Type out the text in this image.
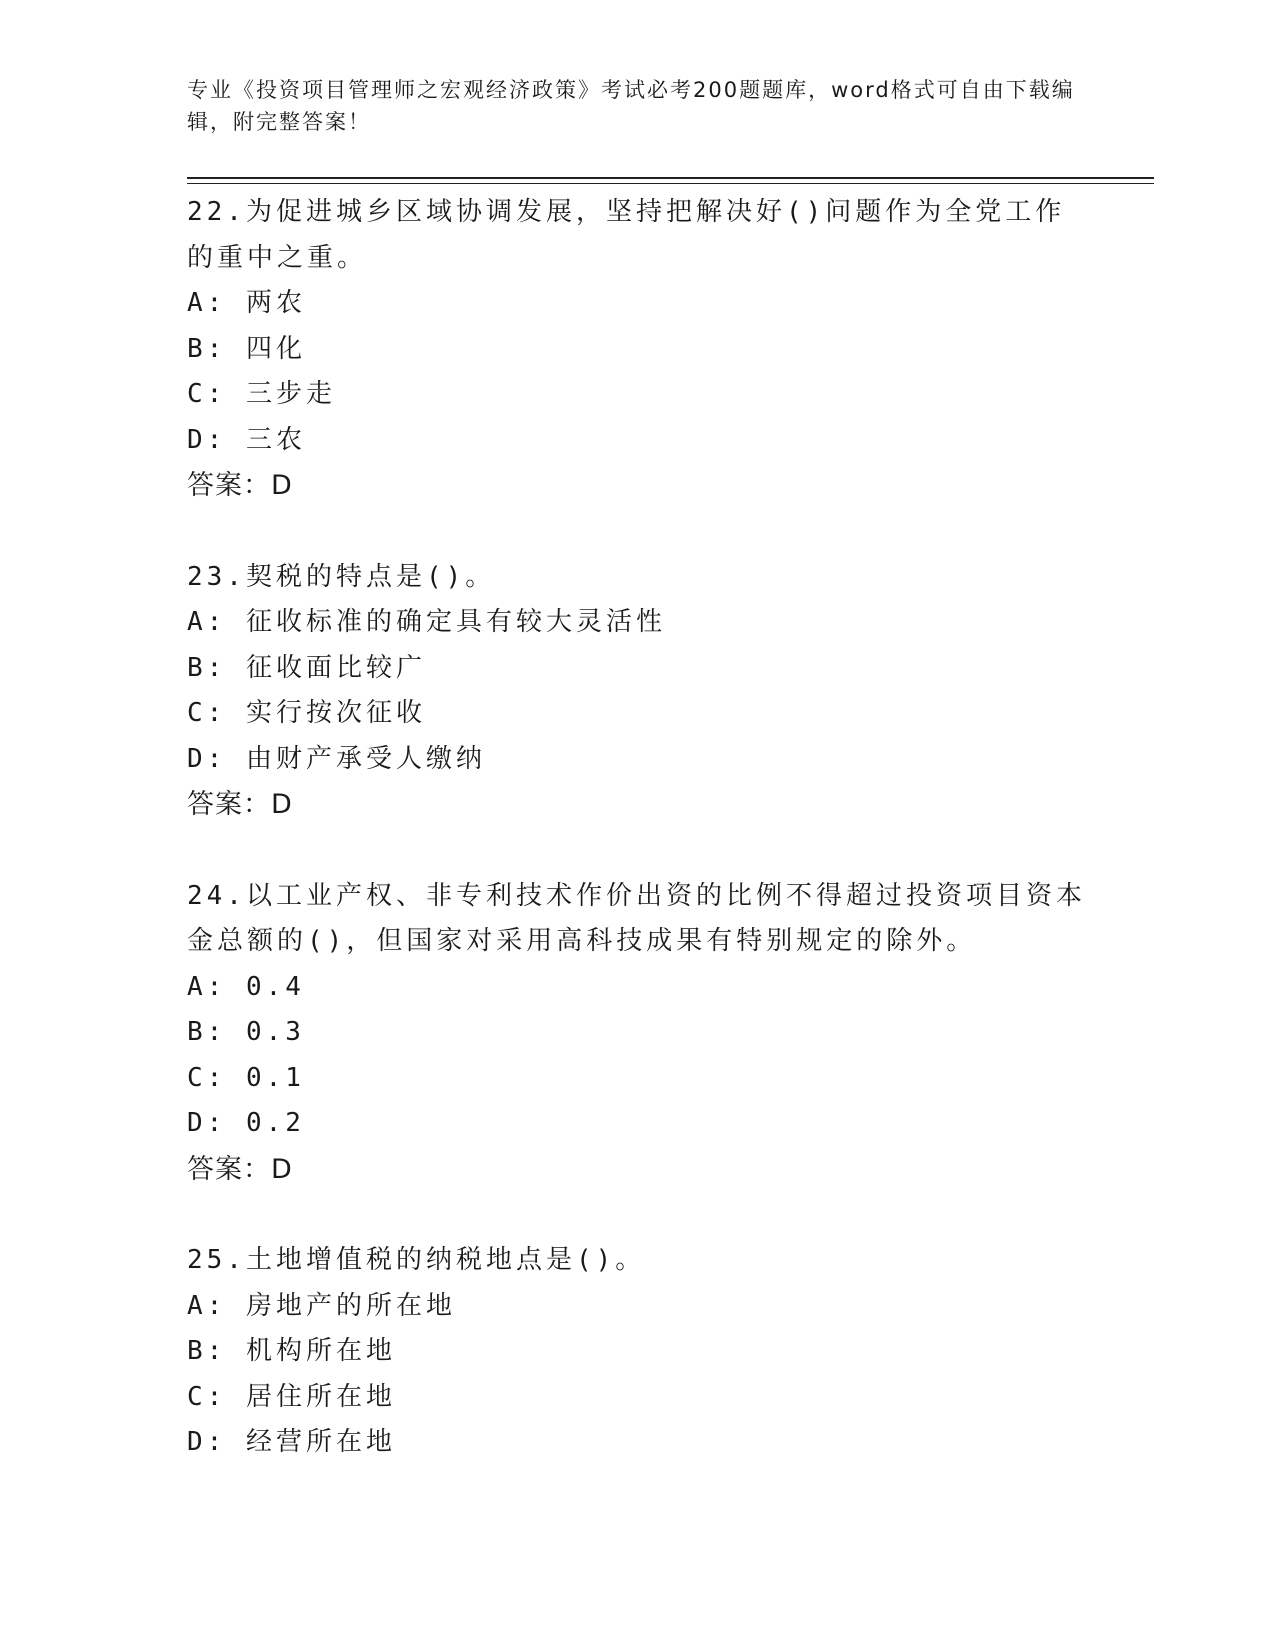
专业《投资项目管理师之宏观经济政策》考试必考200题题库，word格式可自由下载编辑，附完整答案！

22.为促进城乡区域协调发展，坚持把解决好()问题作为全党工作的重中之重。

A: 两农

B: 四化

C: 三步走

D: 三农

答案：D

23.契税的特点是()。

A: 征收标准的确定具有较大灵活性

B: 征收面比较广

C: 实行按次征收

D: 由财产承受人缴纳

答案：D

24.以工业产权、非专利技术作价出资的比例不得超过投资项目资本金总额的()，但国家对采用高科技成果有特别规定的除外。

A: 0.4

B: 0.3

C: 0.1

D: 0.2

答案：D

25.土地增值税的纳税地点是()。

A: 房地产的所在地

B: 机构所在地

C: 居住所在地

D: 经营所在地
